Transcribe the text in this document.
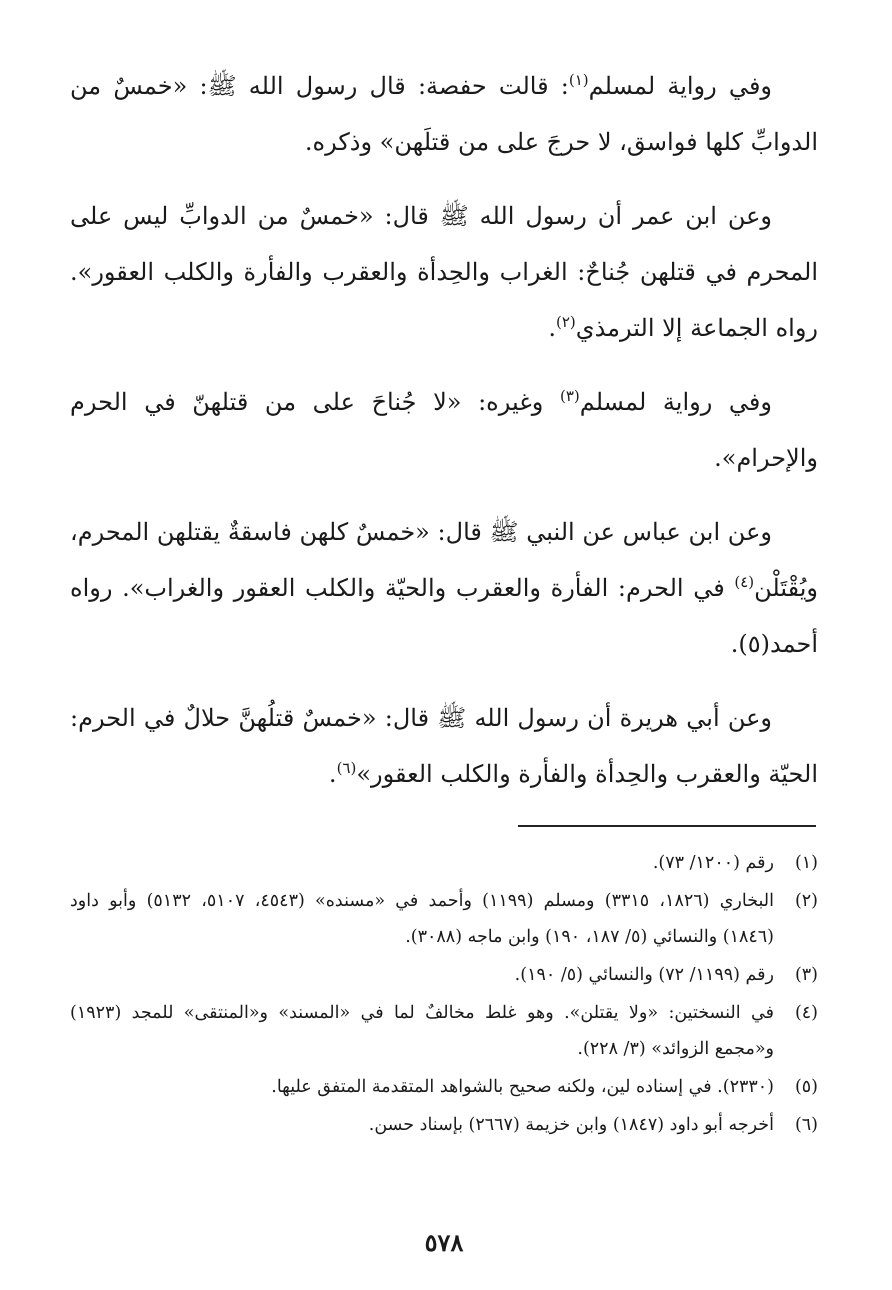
وفي رواية لمسلم$^{(١)}$: قالت حفصة: قال رسول الله ﷺ: «خمسٌ من الدوابِّ كلها فواسق، لا حرجَ على من قتلَهن» وذكره.

وعن ابن عمر أن رسول الله ﷺ قال: «خمسٌ من الدوابِّ ليس على المحرم في قتلهن جُناحٌ: الغراب والحِدأة والعقرب والفأرة والكلب العقور». رواه الجماعة إلا الترمذي$^{(٢)}$.

وفي رواية لمسلم$^{(٣)}$ وغيره: «لا جُناحَ على من قتلهنّ في الحرم والإحرام».

وعن ابن عباس عن النبي ﷺ قال: «خمسٌ كلهن فاسقةٌ يقتلهن المحرم، ويُقْتَلْن$^{(٤)}$ في الحرم: الفأرة والعقرب والحيّة والكلب العقور والغراب». رواه أحمد(٥).

وعن أبي هريرة أن رسول الله ﷺ قال: «خمسٌ قتلُهنَّ حلالٌ في الحرم: الحيّة والعقرب والحِدأة والفأرة والكلب العقور»$^{(٦)}$.

(١)
رقم (١٢٠٠/ ٧٣).
(٢)
البخاري (١٨٢٦، ٣٣١٥) ومسلم (١١٩٩) وأحمد في «مسنده» (٤٥٤٣، ٥١٠٧، ٥١٣٢) وأبو داود (١٨٤٦) والنسائي (٥/ ١٨٧، ١٩٠) وابن ماجه (٣٠٨٨).
(٣)
رقم (١١٩٩/ ٧٢) والنسائي (٥/ ١٩٠).
(٤)
في النسختين: «ولا يقتلن». وهو غلط مخالفٌ لما في «المسند» و«المنتقى» للمجد (١٩٢٣) و«مجمع الزوائد» (٣/ ٢٢٨).
(٥)
(٢٣٣٠). في إسناده لين، ولكنه صحيح بالشواهد المتقدمة المتفق عليها.
(٦)
أخرجه أبو داود (١٨٤٧) وابن خزيمة (٢٦٦٧) بإسناد حسن.
٥٧٨
